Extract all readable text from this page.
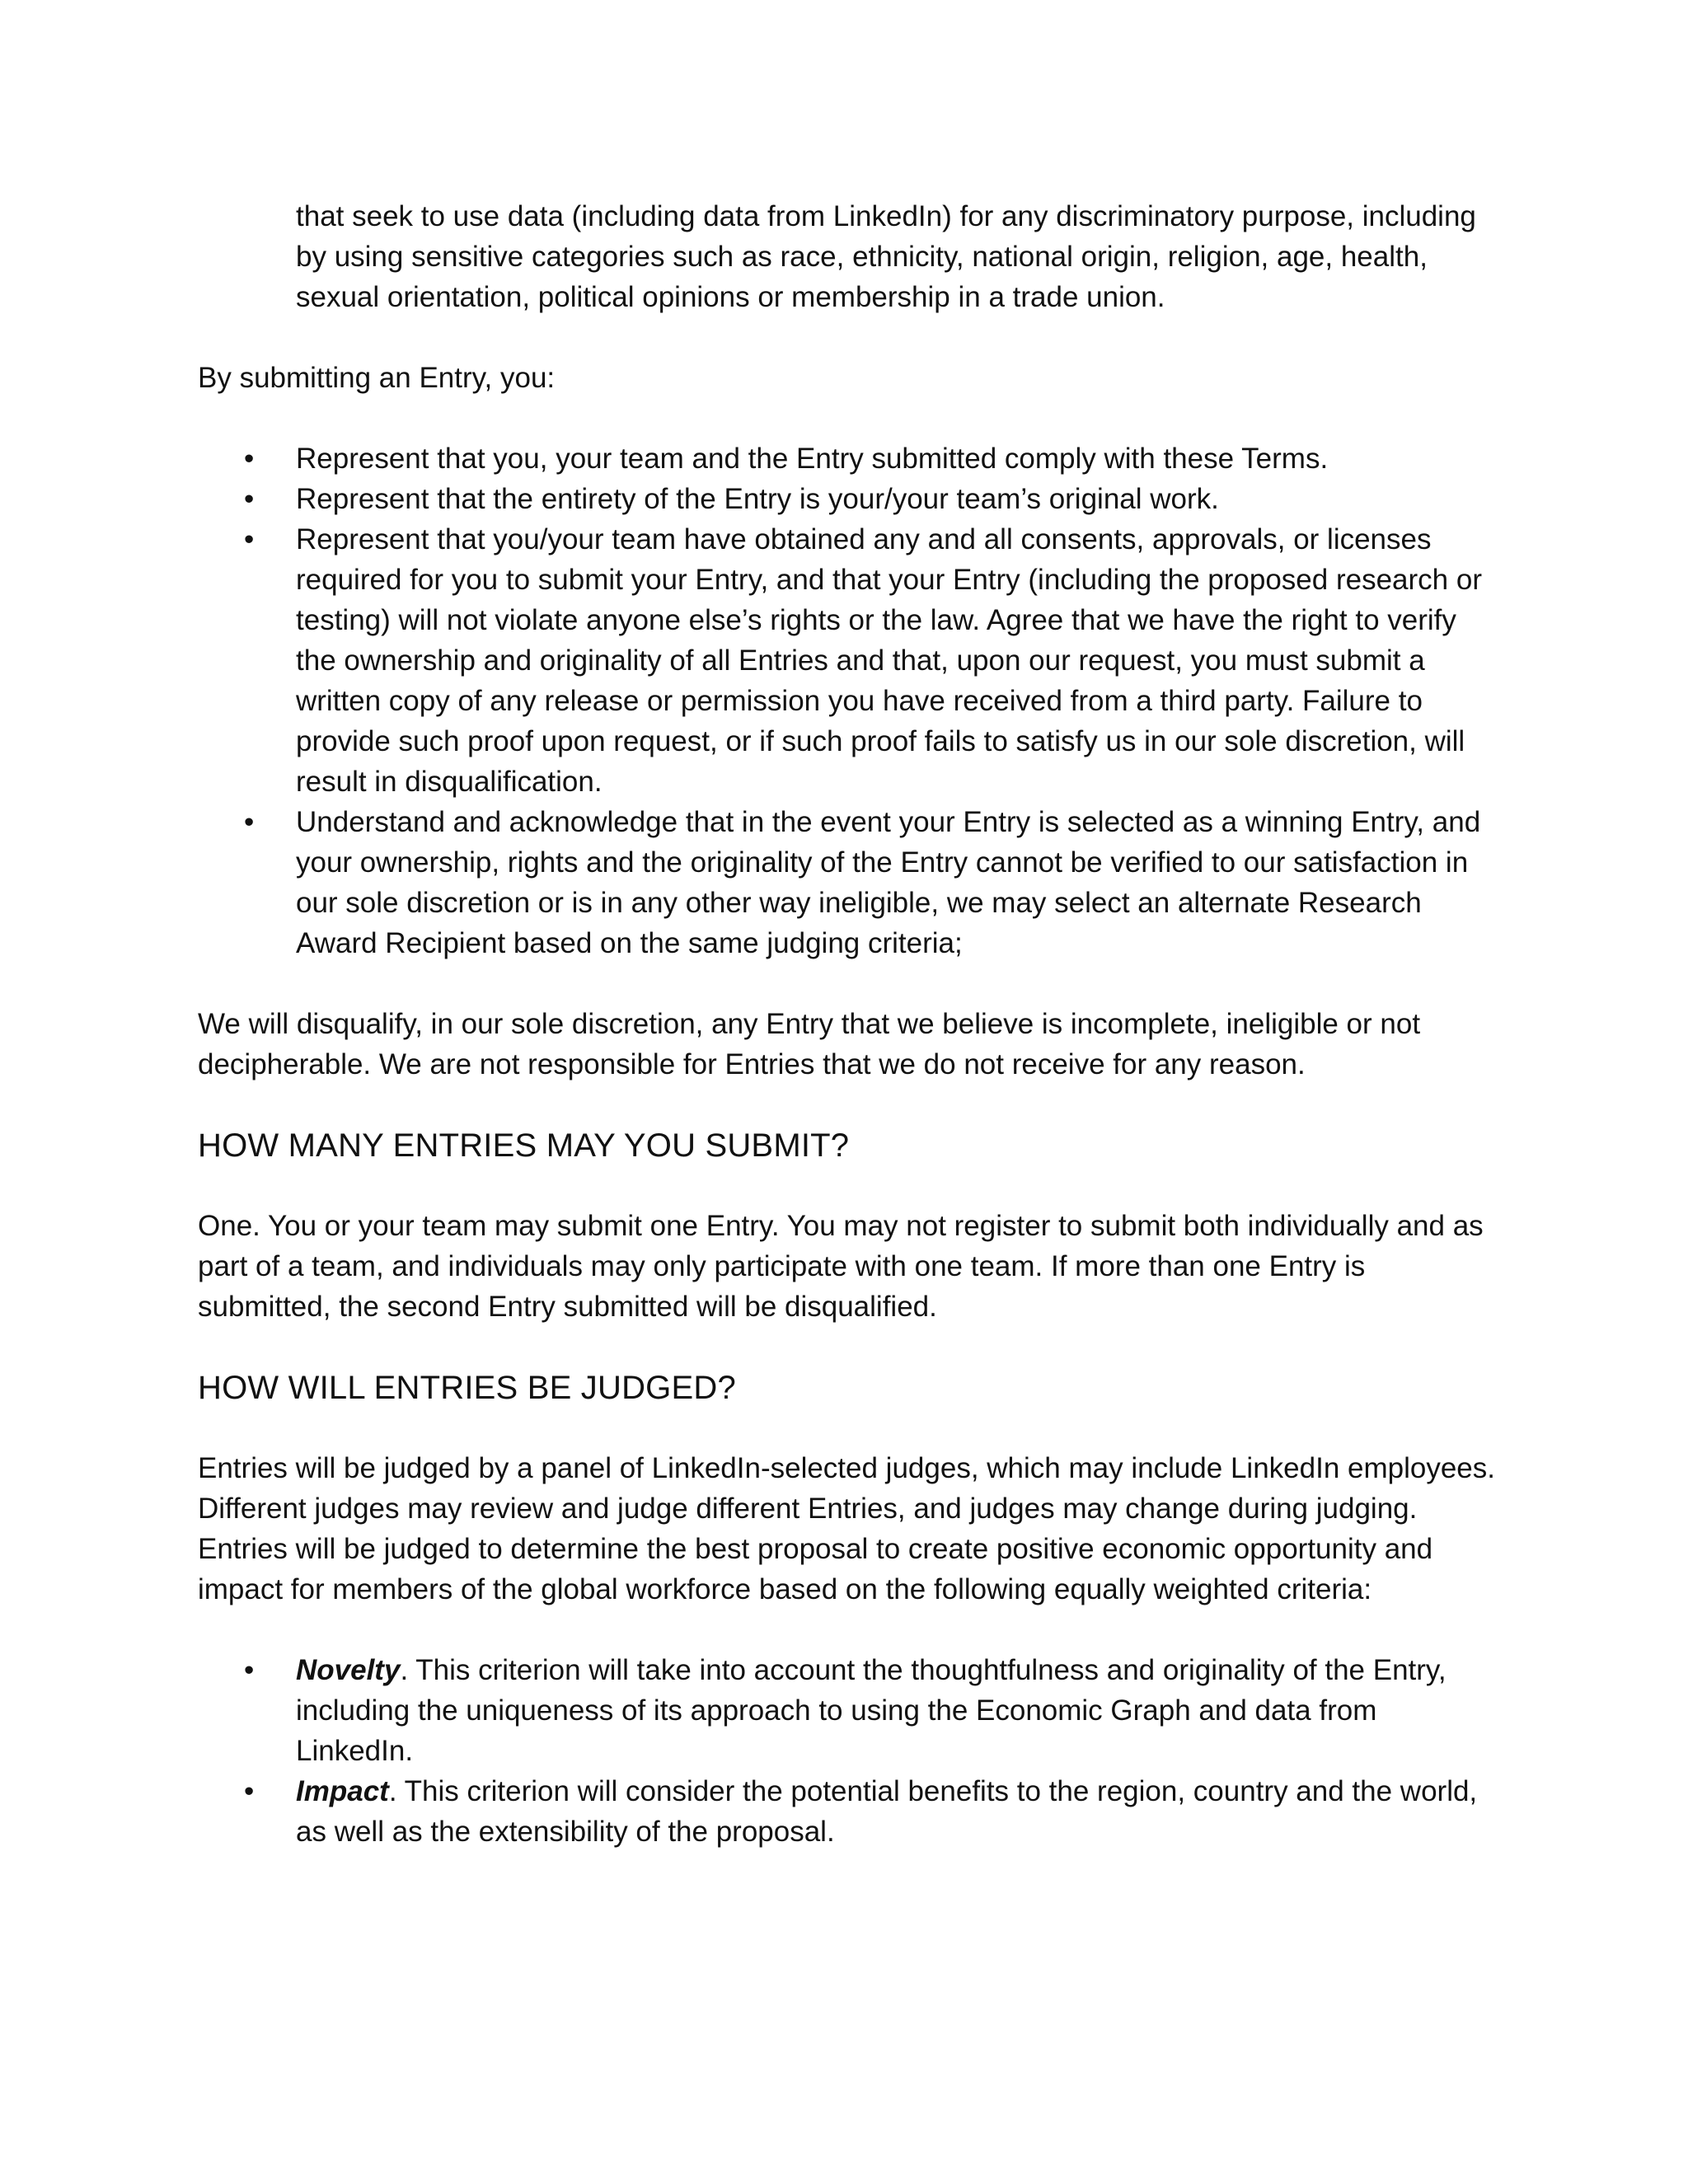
that seek to use data (including data from LinkedIn) for any discriminatory purpose, including by using sensitive categories such as race, ethnicity, national origin, religion, age, health, sexual orientation, political opinions or membership in a trade union.

By submitting an Entry, you:

•	Represent that you, your team and the Entry submitted comply with these Terms.
•	Represent that the entirety of the Entry is your/your team’s original work.
•	Represent that you/your team have obtained any and all consents, approvals, or licenses required for you to submit your Entry, and that your Entry (including the proposed research or testing) will not violate anyone else’s rights or the law. Agree that we have the right to verify the ownership and originality of all Entries and that, upon our request, you must submit a written copy of any release or permission you have received from a third party. Failure to provide such proof upon request, or if such proof fails to satisfy us in our sole discretion, will result in disqualification.
•	Understand and acknowledge that in the event your Entry is selected as a winning Entry, and your ownership, rights and the originality of the Entry cannot be verified to our satisfaction in our sole discretion or is in any other way ineligible, we may select an alternate Research Award Recipient based on the same judging criteria;

We will disqualify, in our sole discretion, any Entry that we believe is incomplete, ineligible or not decipherable. We are not responsible for Entries that we do not receive for any reason.

HOW MANY ENTRIES MAY YOU SUBMIT?

One. You or your team may submit one Entry. You may not register to submit both individually and as part of a team, and individuals may only participate with one team. If more than one Entry is submitted, the second Entry submitted will be disqualified.

HOW WILL ENTRIES BE JUDGED?

Entries will be judged by a panel of LinkedIn-selected judges, which may include LinkedIn employees. Different judges may review and judge different Entries, and judges may change during judging. Entries will be judged to determine the best proposal to create positive economic opportunity and impact for members of the global workforce based on the following equally weighted criteria:

•	Novelty. This criterion will take into account the thoughtfulness and originality of the Entry, including the uniqueness of its approach to using the Economic Graph and data from LinkedIn.
•	Impact. This criterion will consider the potential benefits to the region, country and the world, as well as the extensibility of the proposal.
